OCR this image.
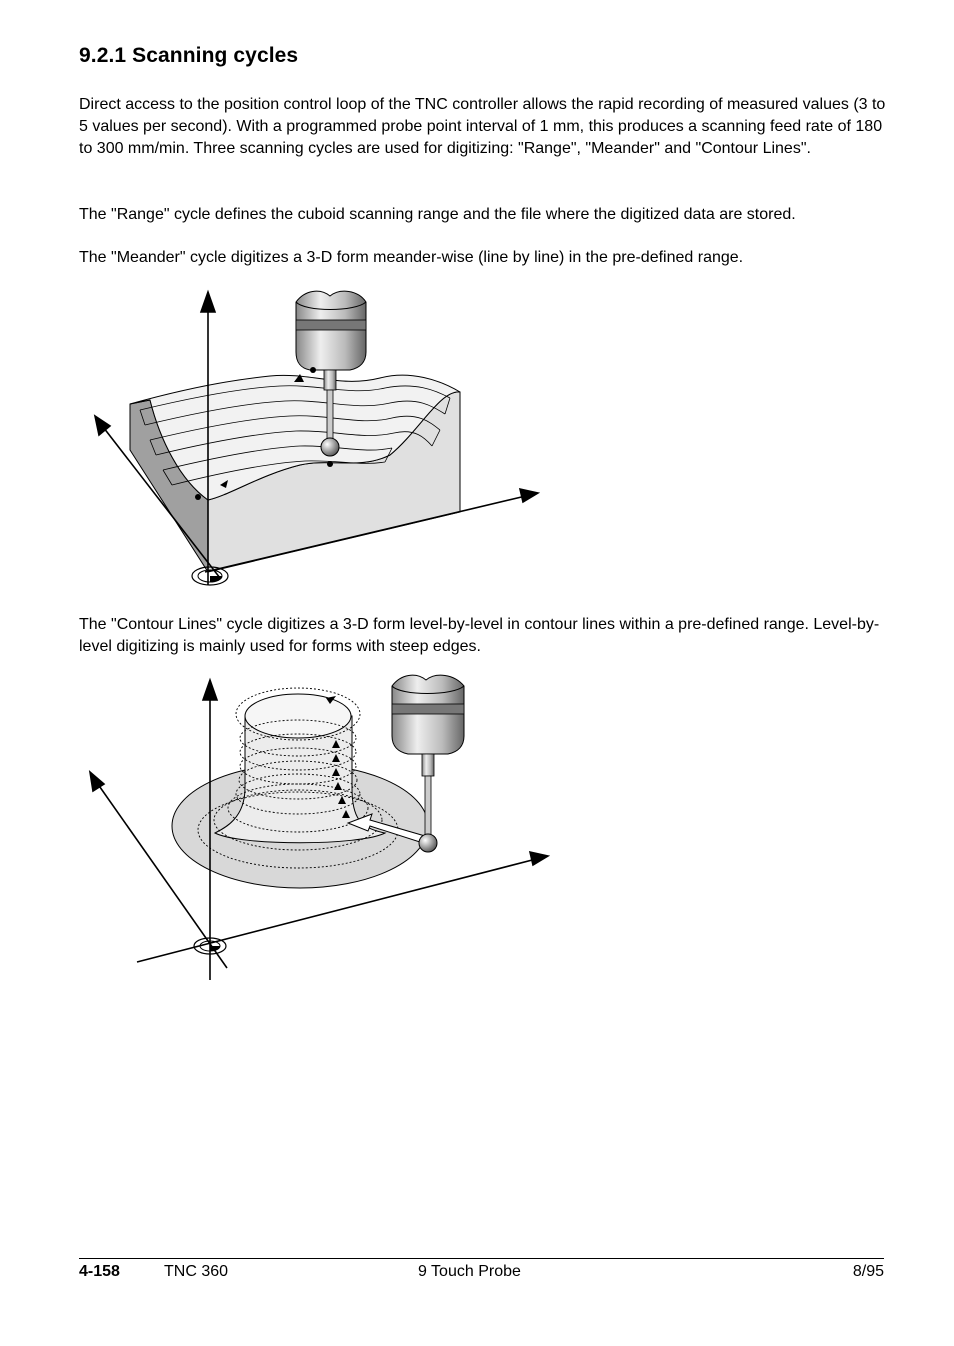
9.2.1 Scanning cycles

Direct access to the position control loop of the TNC controller allows the rapid recording of measured values (3 to 5 values per second). With a programmed probe point interval of 1 mm, this produces a scanning feed rate of 180 to 300 mm/min. Three scanning cycles are used for digitizing: "Range", "Meander" and "Contour Lines".

The "Range" cycle defines the cuboid scanning range and the file where the digitized data are stored.

The "Meander" cycle digitizes a 3-D form meander-wise (line by line) in the pre-defined range.

The "Contour Lines" cycle digitizes a 3-D form level-by-level in contour lines within a pre-defined range. Level-by-level digitizing is mainly used for forms with steep edges.

4-158	TNC 360	9 Touch Probe	8/95
